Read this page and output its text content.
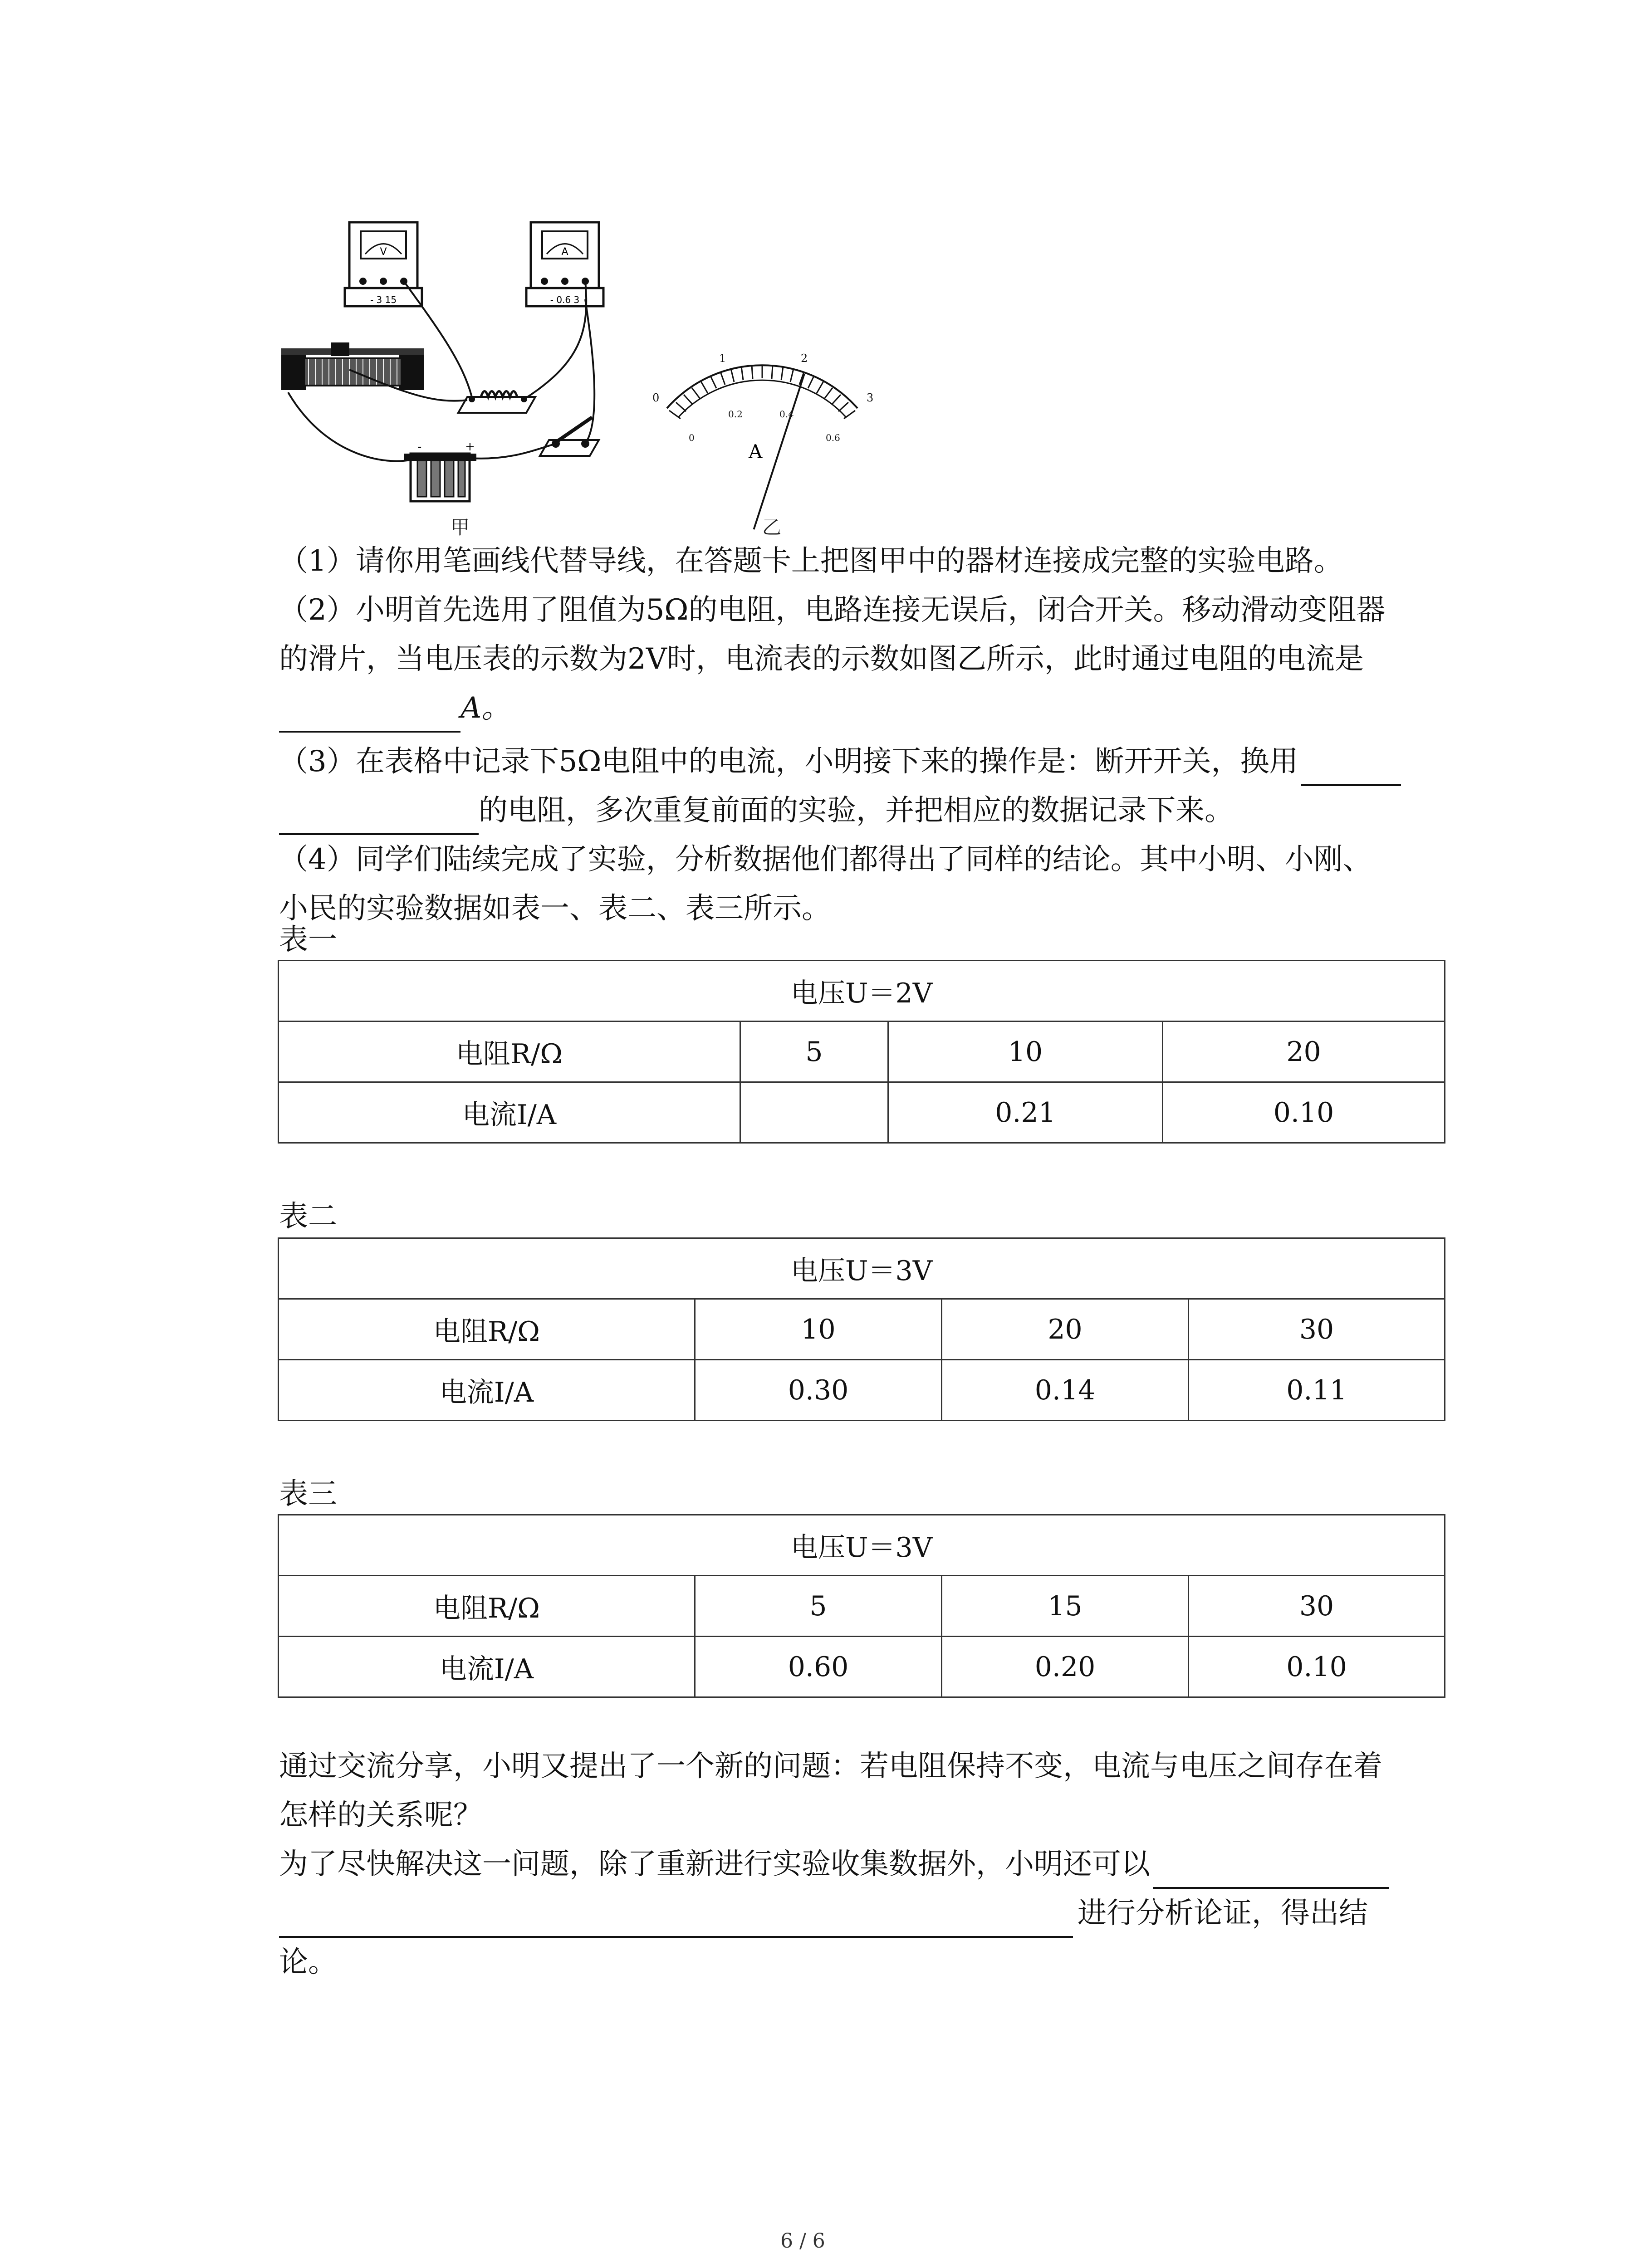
V
- 3 15
A
- 0.6 3
-	+
甲
0
1	2
3
0
0.2	0.4
0.6
A
乙
（1）请你用笔画线代替导线，在答题卡上把图甲中的器材连接成完整的实验电路。
（2）小明首先选用了阻值为5Ω的电阻，电路连接无误后，闭合开关。移动滑动变阻器
的滑片，当电压表的示数为2V时，电流表的示数如图乙所示，此时通过电阻的电流是
A。
（3）在表格中记录下5Ω电阻中的电流，小明接下来的操作是：断开开关，换用
的电阻，多次重复前面的实验，并把相应的数据记录下来。
（4）同学们陆续完成了实验，分析数据他们都得出了同样的结论。其中小明、小刚、
小民的实验数据如表一、表二、表三所示。
表一
电压U＝2V			
电阻R/Ω	5	10	20
电流I/A		0.21	0.10
表二
电压U＝3V			
电阻R/Ω	10	20	30
电流I/A	0.30	0.14	0.11
表三
电压U＝3V			
电阻R/Ω	5	15	30
电流I/A	0.60	0.20	0.10
通过交流分享，小明又提出了一个新的问题：若电阻保持不变，电流与电压之间存在着
怎样的关系呢？
为了尽快解决这一问题，除了重新进行实验收集数据外，小明还可以
进行分析论证，得出结
论。
6 / 6
